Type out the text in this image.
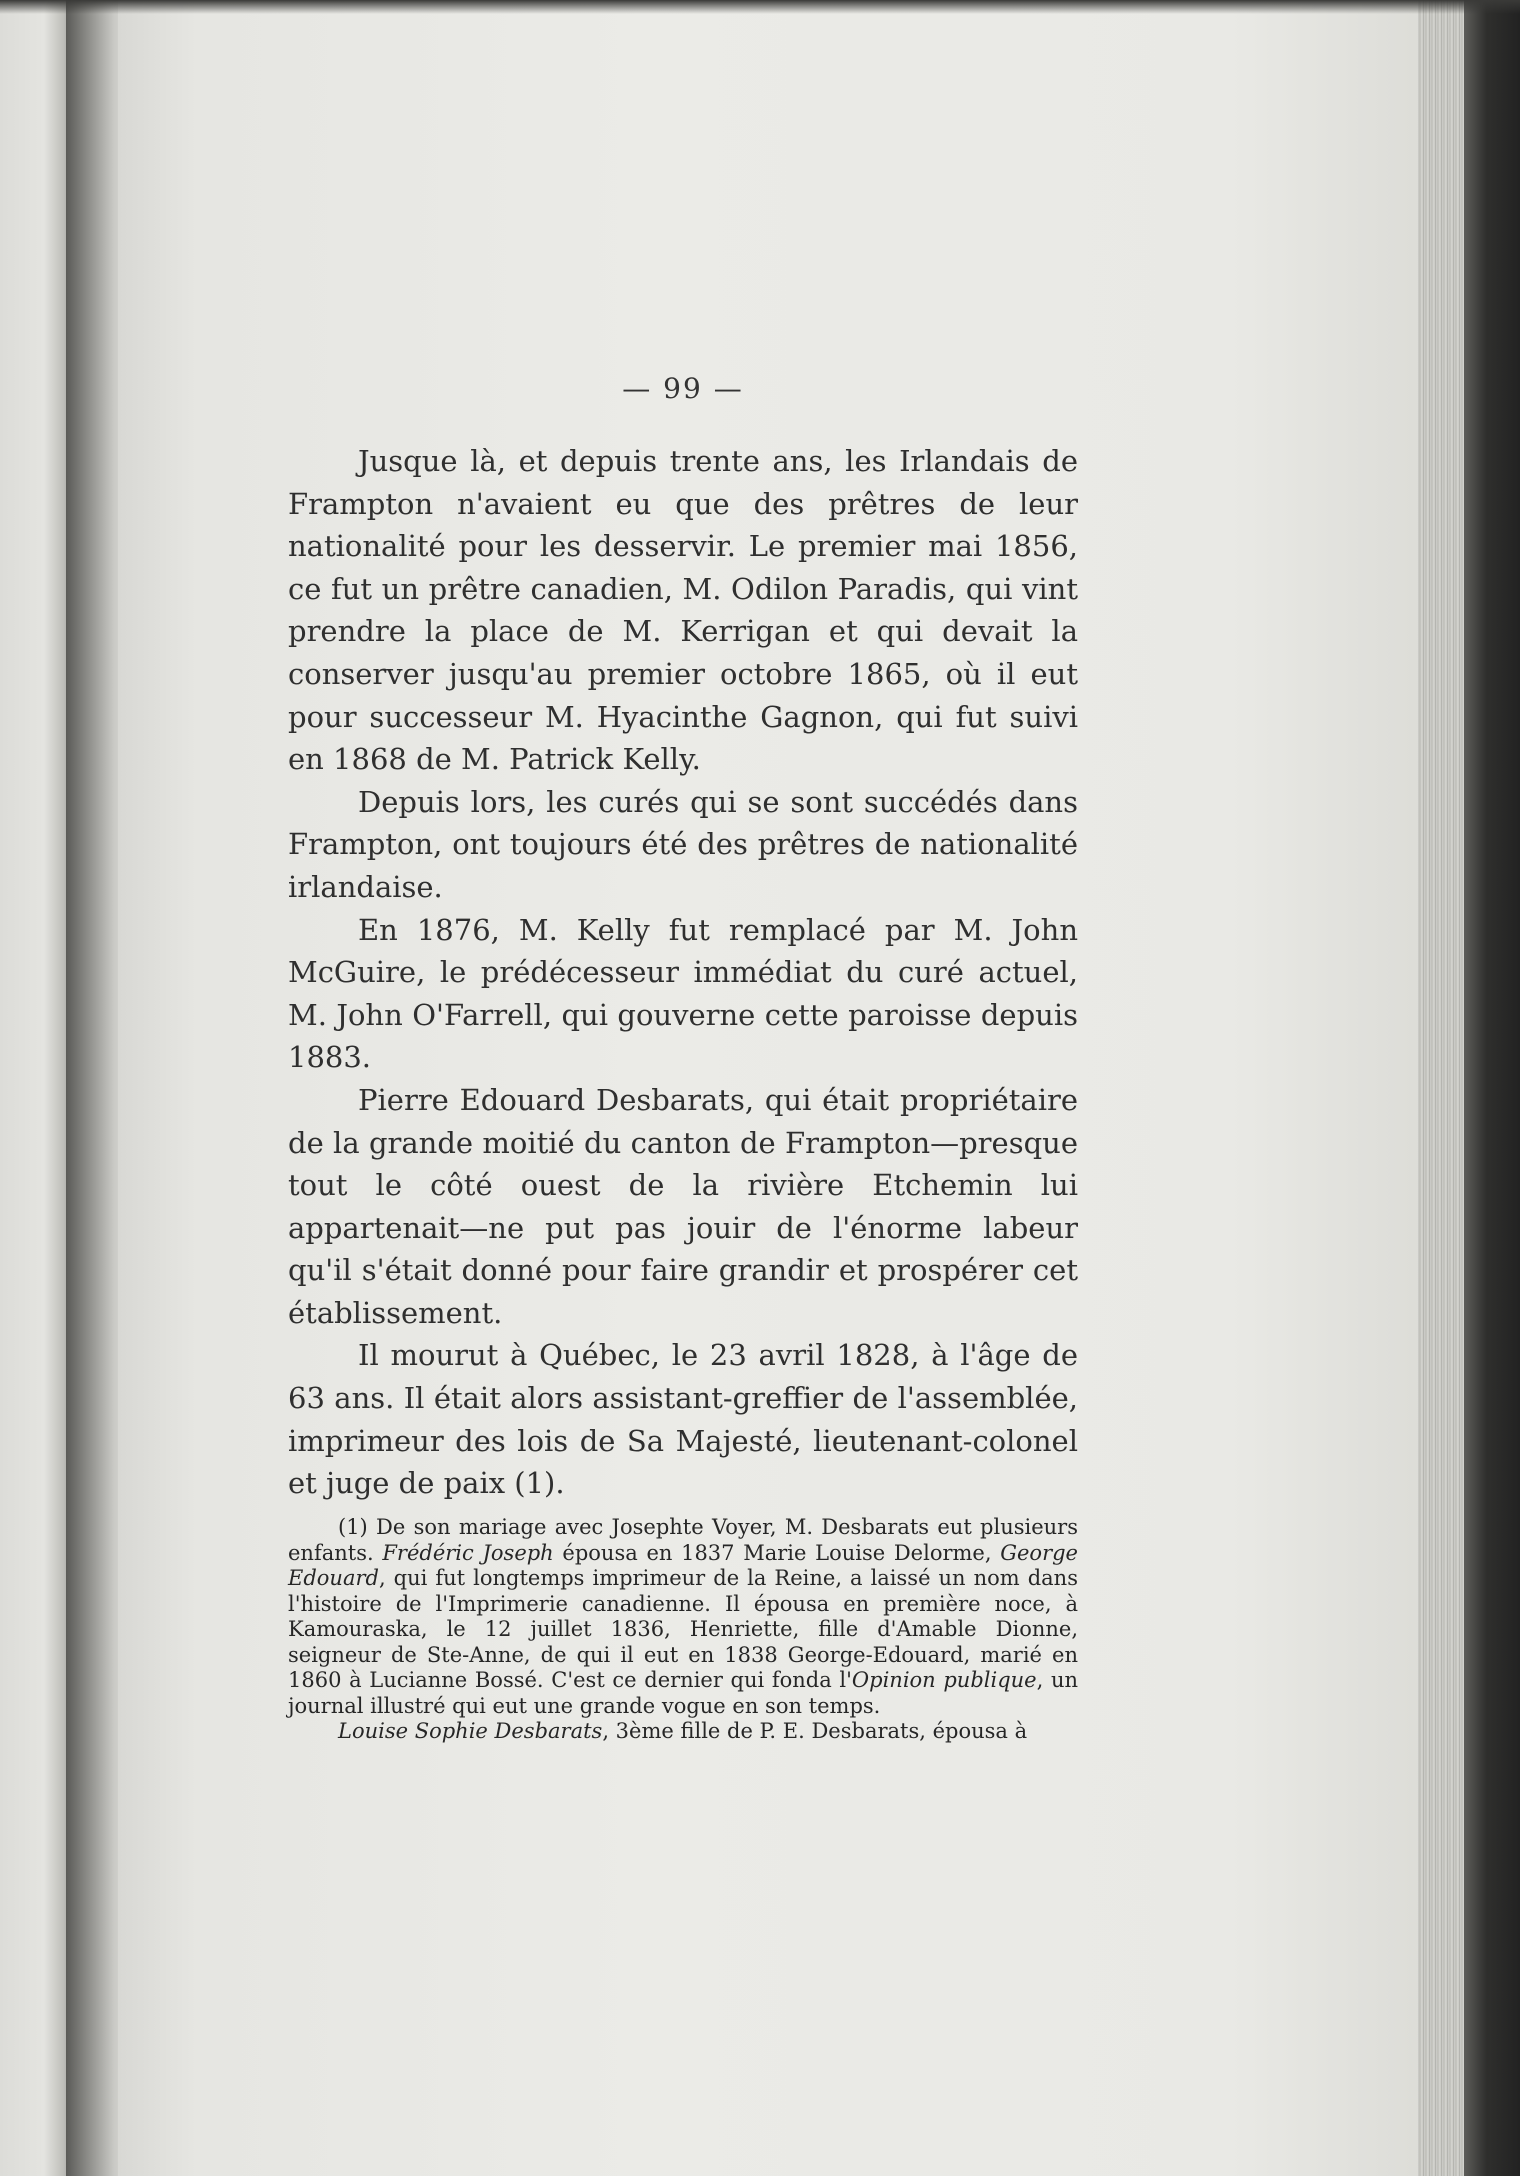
— 99 —

Jusque là, et depuis trente ans, les Irlandais de Frampton n'avaient eu que des prêtres de leur nationalité pour les desservir. Le premier mai 1856, ce fut un prêtre canadien, M. Odilon Paradis, qui vint prendre la place de M. Kerrigan et qui devait la conserver jusqu'au premier octobre 1865, où il eut pour successeur M. Hyacinthe Gagnon, qui fut suivi en 1868 de M. Patrick Kelly.

Depuis lors, les curés qui se sont succédés dans Frampton, ont toujours été des prêtres de nationalité irlandaise.

En 1876, M. Kelly fut remplacé par M. John McGuire, le prédécesseur immédiat du curé actuel, M. John O'Farrell, qui gouverne cette paroisse depuis 1883.

Pierre Edouard Desbarats, qui était propriétaire de la grande moitié du canton de Frampton—presque tout le côté ouest de la rivière Etchemin lui appartenait—ne put pas jouir de l'énorme labeur qu'il s'était donné pour faire grandir et prospérer cet établissement.

Il mourut à Québec, le 23 avril 1828, à l'âge de 63 ans. Il était alors assistant-greffier de l'assemblée, imprimeur des lois de Sa Majesté, lieutenant-colonel et juge de paix (1).

(1) De son mariage avec Josephte Voyer, M. Desbarats eut plusieurs enfants. Frédéric Joseph épousa en 1837 Marie Louise Delorme, George Edouard, qui fut longtemps imprimeur de la Reine, a laissé un nom dans l'histoire de l'Imprimerie canadienne. Il épousa en première noce, à Kamouraska, le 12 juillet 1836, Henriette, fille d'Amable Dionne, seigneur de Ste-Anne, de qui il eut en 1838 George-Edouard, marié en 1860 à Lucianne Bossé. C'est ce dernier qui fonda l'Opinion publique, un journal illustré qui eut une grande vogue en son temps.

Louise Sophie Desbarats, 3ème fille de P. E. Desbarats, épousa à
